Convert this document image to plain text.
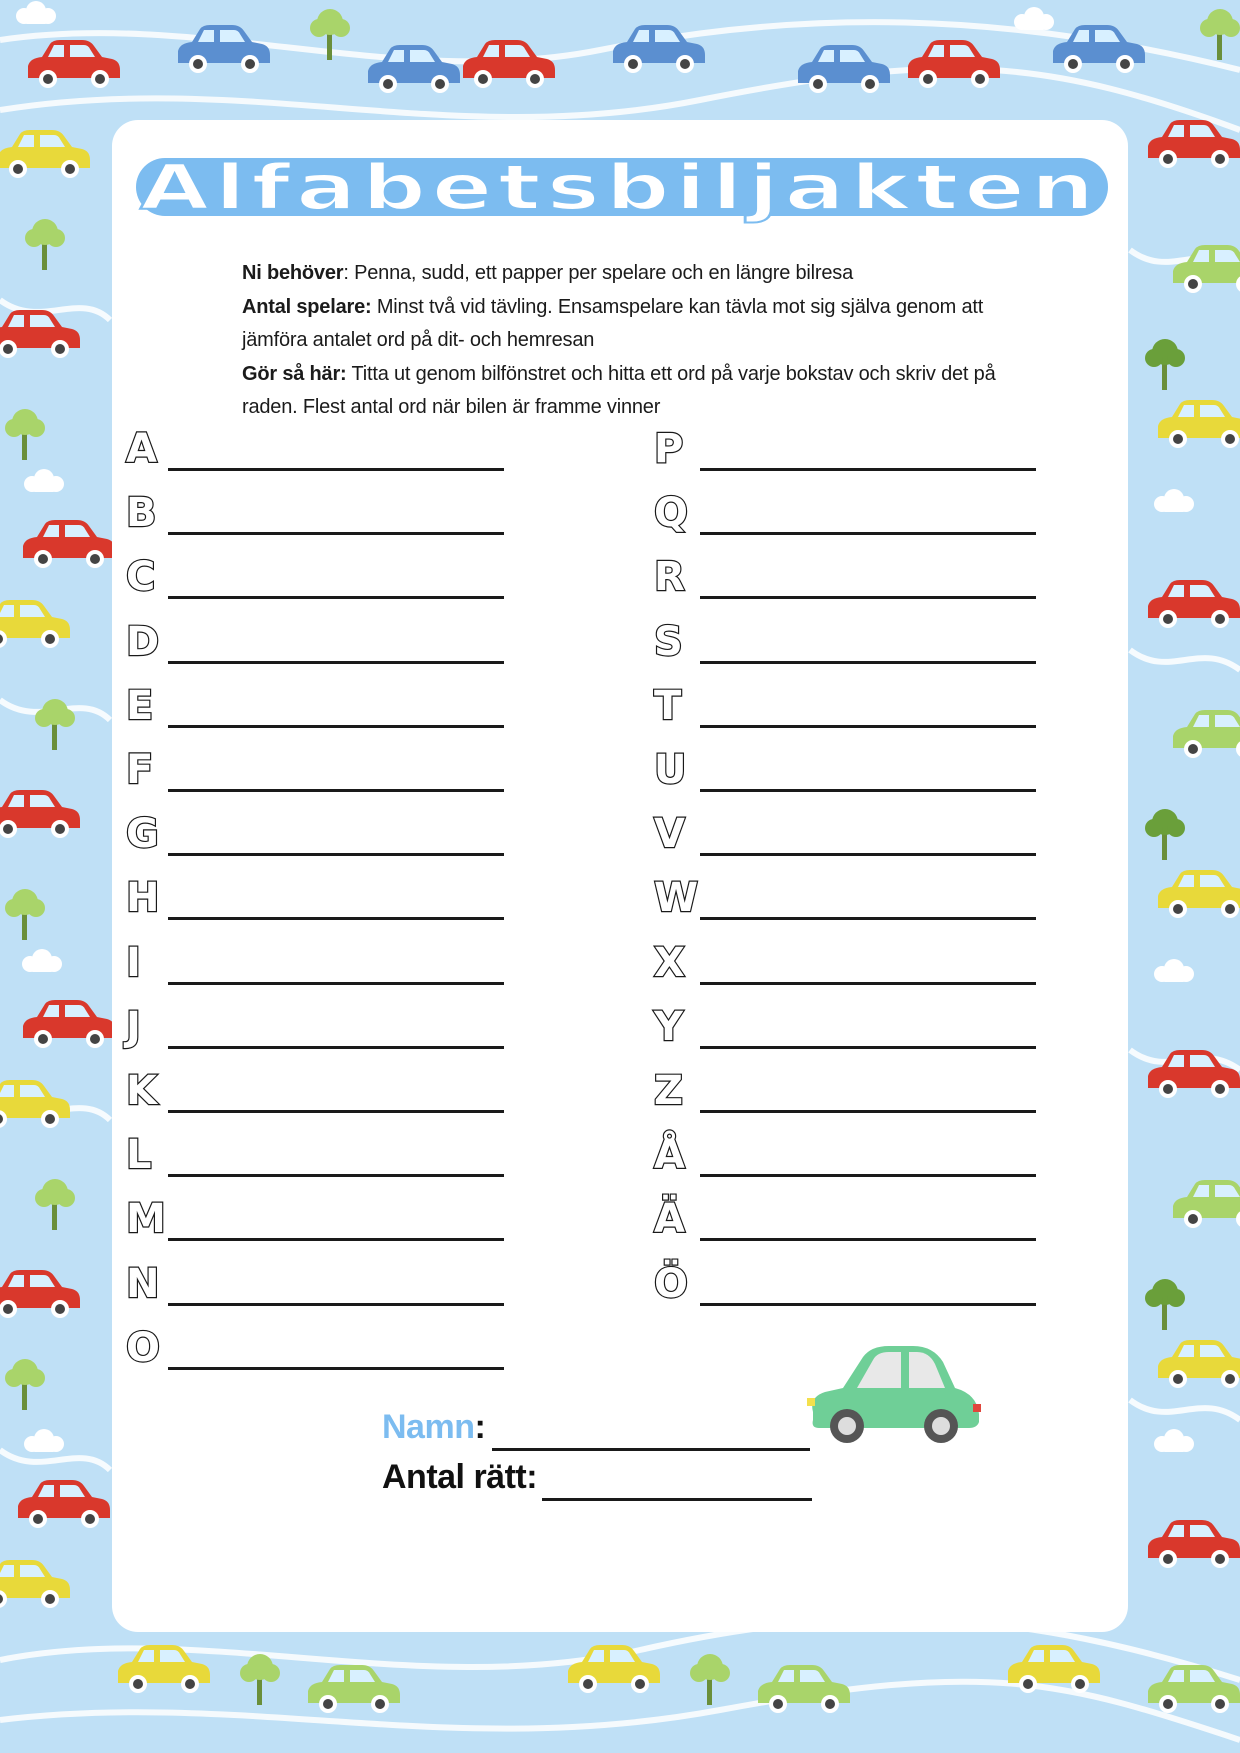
Alfabetsbiljakten
Ni behöver: Penna, sudd, ett papper per spelare och en längre bilresa
Antal spelare: Minst två vid tävling. Ensamspelare kan tävla mot sig själva genom att jämföra antalet ord på dit- och hemresan
Gör så här: Titta ut genom bilfönstret och hitta ett ord på varje bokstav och skriv det på raden. Flest antal ord när bilen är framme vinner
A
B
C
D
E
F
G
H
I
J
K
L
M
N
O
P
Q
R
S
T
U
V
W
X
Y
Z
Å
Ä
Ö
Namn:
Antal rätt:
